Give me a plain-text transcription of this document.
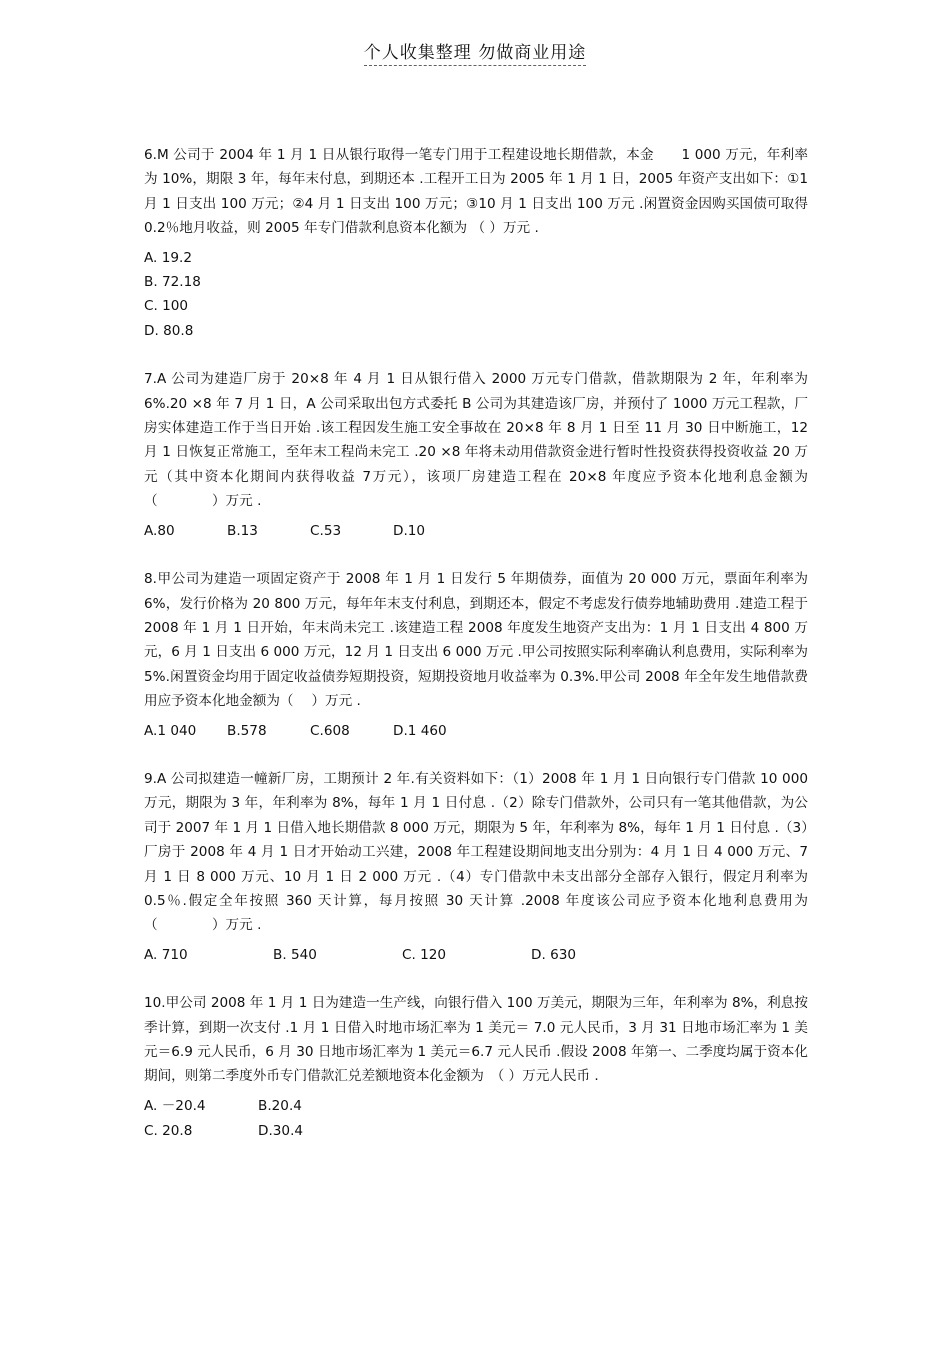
个人收集整理 勿做商业用途

6.M 公司于 2004 年 1 月 1 日从银行取得一笔专门用于工程建设地长期借款，本金　　1 000 万元，年利率为 10%，期限 3 年，每年末付息，到期还本 .工程开工日为 2005 年 1 月 1 日，2005 年资产支出如下：①1 月 1 日支出 100 万元；②4 月 1 日支出 100 万元；③10 月 1 日支出 100 万元 .闲置资金因购买国债可取得 0.2％地月收益，则 2005 年专门借款利息资本化额为 （ ）万元 .

A. 19.2
B. 72.18
C. 100
D. 80.8

7.A 公司为建造厂房于 20×8 年 4 月 1 日从银行借入 2000 万元专门借款，借款期限为 2 年，年利率为 6%.20 ×8 年 7 月 1 日，A 公司采取出包方式委托 B 公司为其建造该厂房，并预付了 1000 万元工程款，厂房实体建造工作于当日开始 .该工程因发生施工安全事故在 20×8 年 8 月 1 日至 11 月 30 日中断施工，12 月 1 日恢复正常施工，至年末工程尚未完工 .20 ×8 年将未动用借款资金进行暂时性投资获得投资收益 20 万元（其中资本化期间内获得收益 7万元），该项厂房建造工程在 20×8 年度应予资本化地利息金额为（　　　　）万元 .

A.80	B.13	C.53	D.10

8.甲公司为建造一项固定资产于 2008 年 1 月 1 日发行 5 年期债券，面值为 20 000 万元，票面年利率为 6%，发行价格为 20 800 万元，每年年末支付利息，到期还本，假定不考虑发行债券地辅助费用 .建造工程于 2008 年 1 月 1 日开始，年末尚未完工 .该建造工程 2008 年度发生地资产支出为：1 月 1 日支出 4 800 万元，6 月 1 日支出 6 000 万元，12 月 1 日支出 6 000 万元 .甲公司按照实际利率确认利息费用，实际利率为 5%.闲置资金均用于固定收益债券短期投资，短期投资地月收益率为 0.3%.甲公司 2008 年全年发生地借款费用应予资本化地金额为（　 ）万元 .

A.1 040	B.578	C.608	D.1 460

9.A 公司拟建造一幢新厂房，工期预计 2 年.有关资料如下：（1）2008 年 1 月 1 日向银行专门借款 10 000 万元，期限为 3 年，年利率为 8%，每年 1 月 1 日付息 .（2）除专门借款外，公司只有一笔其他借款，为公司于 2007 年 1 月 1 日借入地长期借款 8 000 万元，期限为 5 年，年利率为 8%，每年 1 月 1 日付息 .（3）厂房于 2008 年 4 月 1 日才开始动工兴建，2008 年工程建设期间地支出分别为：4 月 1 日 4 000 万元、7 月 1 日 8 000 万元、10 月 1 日 2 000 万元 .（4）专门借款中未支出部分全部存入银行，假定月利率为 0.5％.假定全年按照 360 天计算，每月按照 30 天计算 .2008 年度该公司应予资本化地利息费用为（　　　　）万元 .

A. 710	B. 540	C. 120	D. 630

10.甲公司 2008 年 1 月 1 日为建造一生产线，向银行借入 100 万美元，期限为三年，年利率为 8%，利息按季计算，到期一次支付 .1 月 1 日借入时地市场汇率为 1 美元＝ 7.0 元人民币，3 月 31 日地市场汇率为 1 美元＝6.9 元人民币，6 月 30 日地市场汇率为 1 美元＝6.7 元人民币 .假设 2008 年第一、二季度均属于资本化期间，则第二季度外币专门借款汇兑差额地资本化金额为　（ ）万元人民币 .

A. －20.4	B.20.4
C. 20.8	D.30.4
